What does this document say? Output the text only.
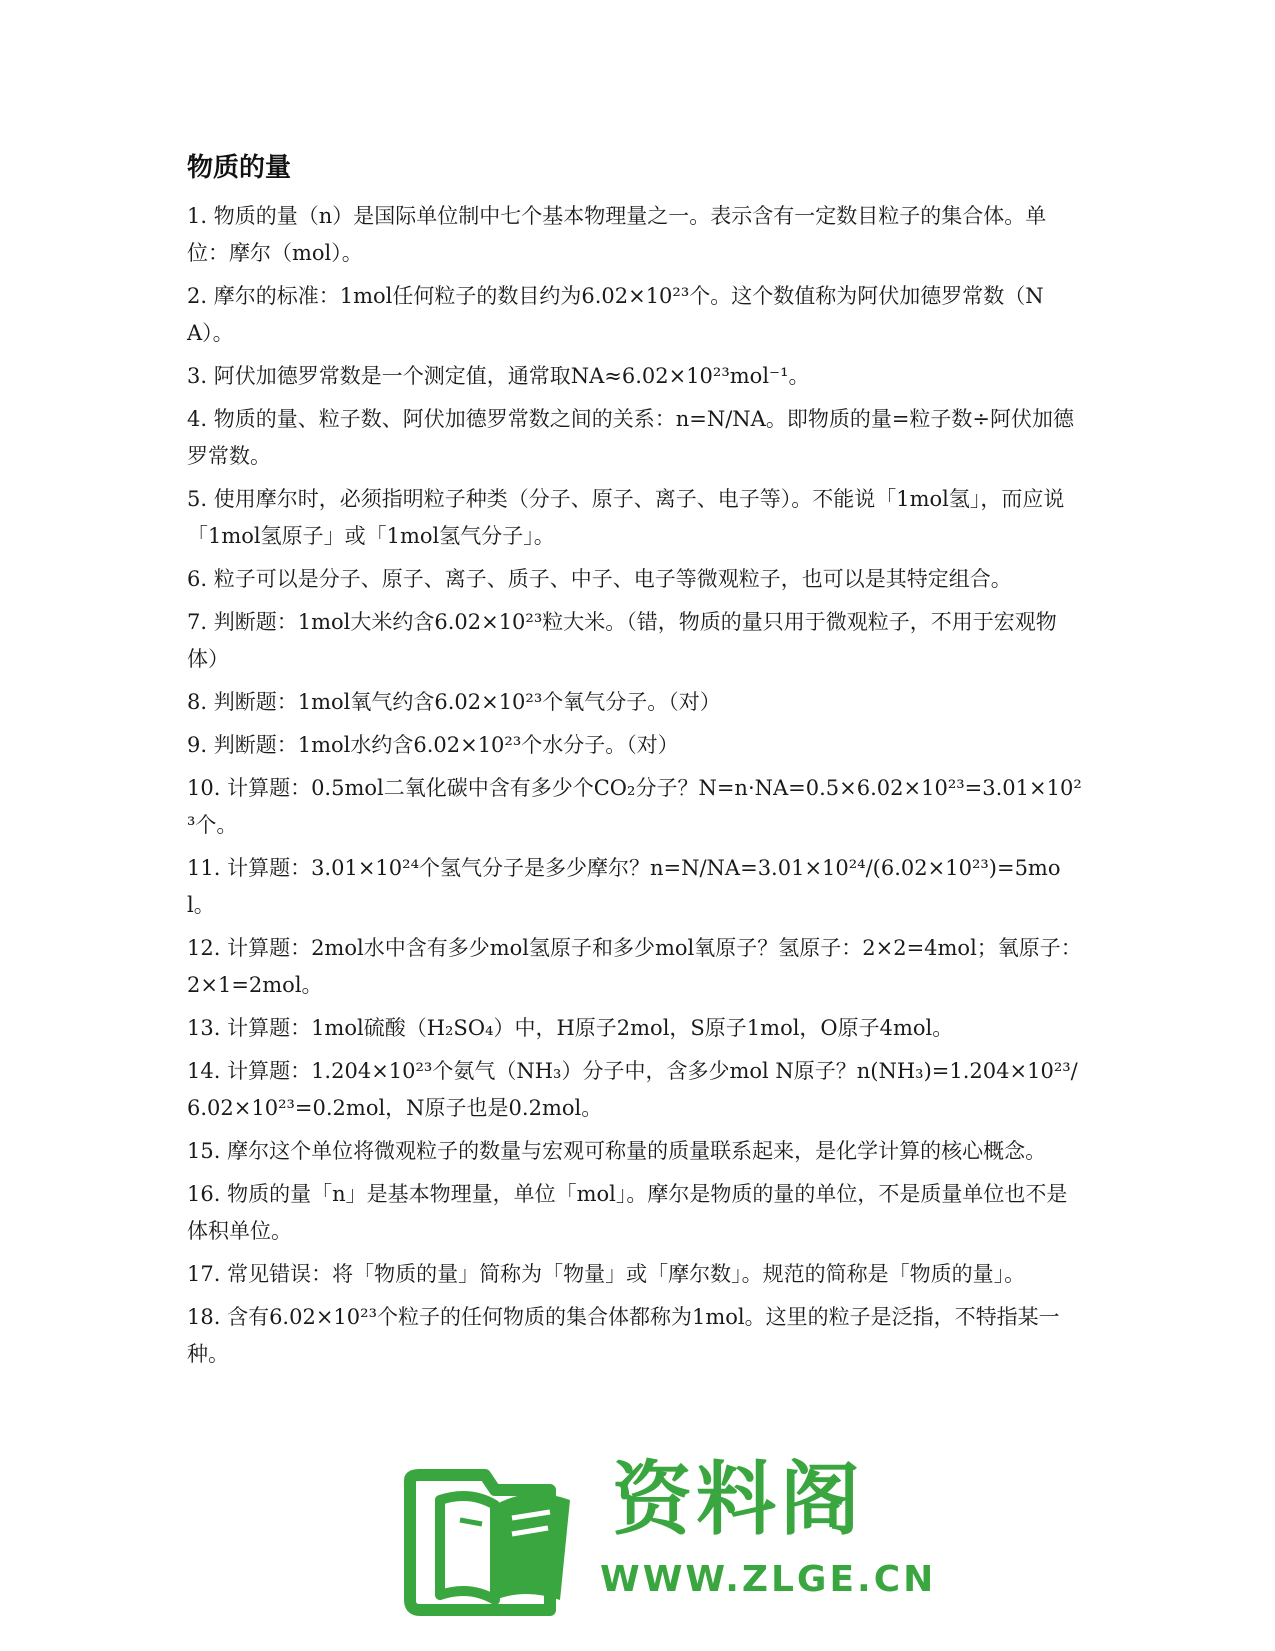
物质的量

1. 物质的量（n）是国际单位制中七个基本物理量之一。表示含有一定数目粒子的集合体。单位：摩尔（mol）。

2. 摩尔的标准：1mol任何粒子的数目约为6.02×10²³个。这个数值称为阿伏加德罗常数（NA）。

3. 阿伏加德罗常数是一个测定值，通常取NA≈6.02×10²³mol⁻¹。

4. 物质的量、粒子数、阿伏加德罗常数之间的关系：n=N/NA。即物质的量=粒子数÷阿伏加德罗常数。

5. 使用摩尔时，必须指明粒子种类（分子、原子、离子、电子等）。不能说「1mol氢」，而应说「1mol氢原子」或「1mol氢气分子」。

6. 粒子可以是分子、原子、离子、质子、中子、电子等微观粒子，也可以是其特定组合。

7. 判断题：1mol大米约含6.02×10²³粒大米。（错，物质的量只用于微观粒子，不用于宏观物体）

8. 判断题：1mol氧气约含6.02×10²³个氧气分子。（对）

9. 判断题：1mol水约含6.02×10²³个水分子。（对）

10. 计算题：0.5mol二氧化碳中含有多少个CO₂分子？N=n·NA=0.5×6.02×10²³=3.01×10²³个。

11. 计算题：3.01×10²⁴个氢气分子是多少摩尔？n=N/NA=3.01×10²⁴/(6.02×10²³)=5mol。

12. 计算题：2mol水中含有多少mol氢原子和多少mol氧原子？氢原子：2×2=4mol；氧原子：2×1=2mol。

13. 计算题：1mol硫酸（H₂SO₄）中，H原子2mol，S原子1mol，O原子4mol。

14. 计算题：1.204×10²³个氨气（NH₃）分子中，含多少mol N原子？n(NH₃)=1.204×10²³/6.02×10²³=0.2mol，N原子也是0.2mol。

15. 摩尔这个单位将微观粒子的数量与宏观可称量的质量联系起来，是化学计算的核心概念。

16. 物质的量「n」是基本物理量，单位「mol」。摩尔是物质的量的单位，不是质量单位也不是体积单位。

17. 常见错误：将「物质的量」简称为「物量」或「摩尔数」。规范的简称是「物质的量」。

18. 含有6.02×10²³个粒子的任何物质的集合体都称为1mol。这里的粒子是泛指，不特指某一种。

资料阁
WWW.ZLGE.CN
